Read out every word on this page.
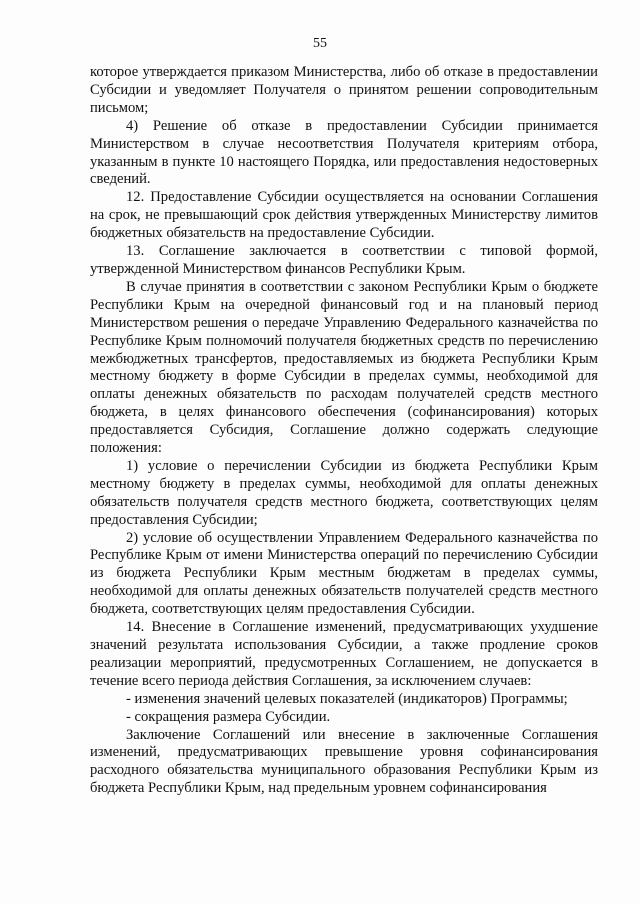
55

которое утверждается приказом Министерства, либо об отказе в предоставлении Субсидии и уведомляет Получателя о принятом решении сопроводительным письмом;

4) Решение об отказе в предоставлении Субсидии принимается Министерством в случае несоответствия Получателя критериям отбора, указанным в пункте 10 настоящего Порядка, или предоставления недостоверных сведений.

12. Предоставление Субсидии осуществляется на основании Соглашения на срок, не превышающий срок действия утвержденных Министерству лимитов бюджетных обязательств на предоставление Субсидии.

13. Соглашение заключается в соответствии с типовой формой, утвержденной Министерством финансов Республики Крым.

В случае принятия в соответствии с законом Республики Крым о бюджете Республики Крым на очередной финансовый год и на плановый период Министерством решения о передаче Управлению Федерального казначейства по Республике Крым полномочий получателя бюджетных средств по перечислению межбюджетных трансфертов, предоставляемых из бюджета Республики Крым местному бюджету в форме Субсидии в пределах суммы, необходимой для оплаты денежных обязательств по расходам получателей средств местного бюджета, в целях финансового обеспечения (софинансирования) которых предоставляется Субсидия, Соглашение должно содержать следующие положения:

1) условие о перечислении Субсидии из бюджета Республики Крым местному бюджету в пределах суммы, необходимой для оплаты денежных обязательств получателя средств местного бюджета, соответствующих целям предоставления Субсидии;

2) условие об осуществлении Управлением Федерального казначейства по Республике Крым от имени Министерства операций по перечислению Субсидии из бюджета Республики Крым местным бюджетам в пределах суммы, необходимой для оплаты денежных обязательств получателей средств местного бюджета, соответствующих целям предоставления Субсидии.

14. Внесение в Соглашение изменений, предусматривающих ухудшение значений результата использования Субсидии, а также продление сроков реализации мероприятий, предусмотренных Соглашением, не допускается в течение всего периода действия Соглашения, за исключением случаев:

- изменения значений целевых показателей (индикаторов) Программы;

- сокращения размера Субсидии.

Заключение Соглашений или внесение в заключенные Соглашения изменений, предусматривающих превышение уровня софинансирования расходного обязательства муниципального образования Республики Крым из бюджета Республики Крым, над предельным уровнем софинансирования
